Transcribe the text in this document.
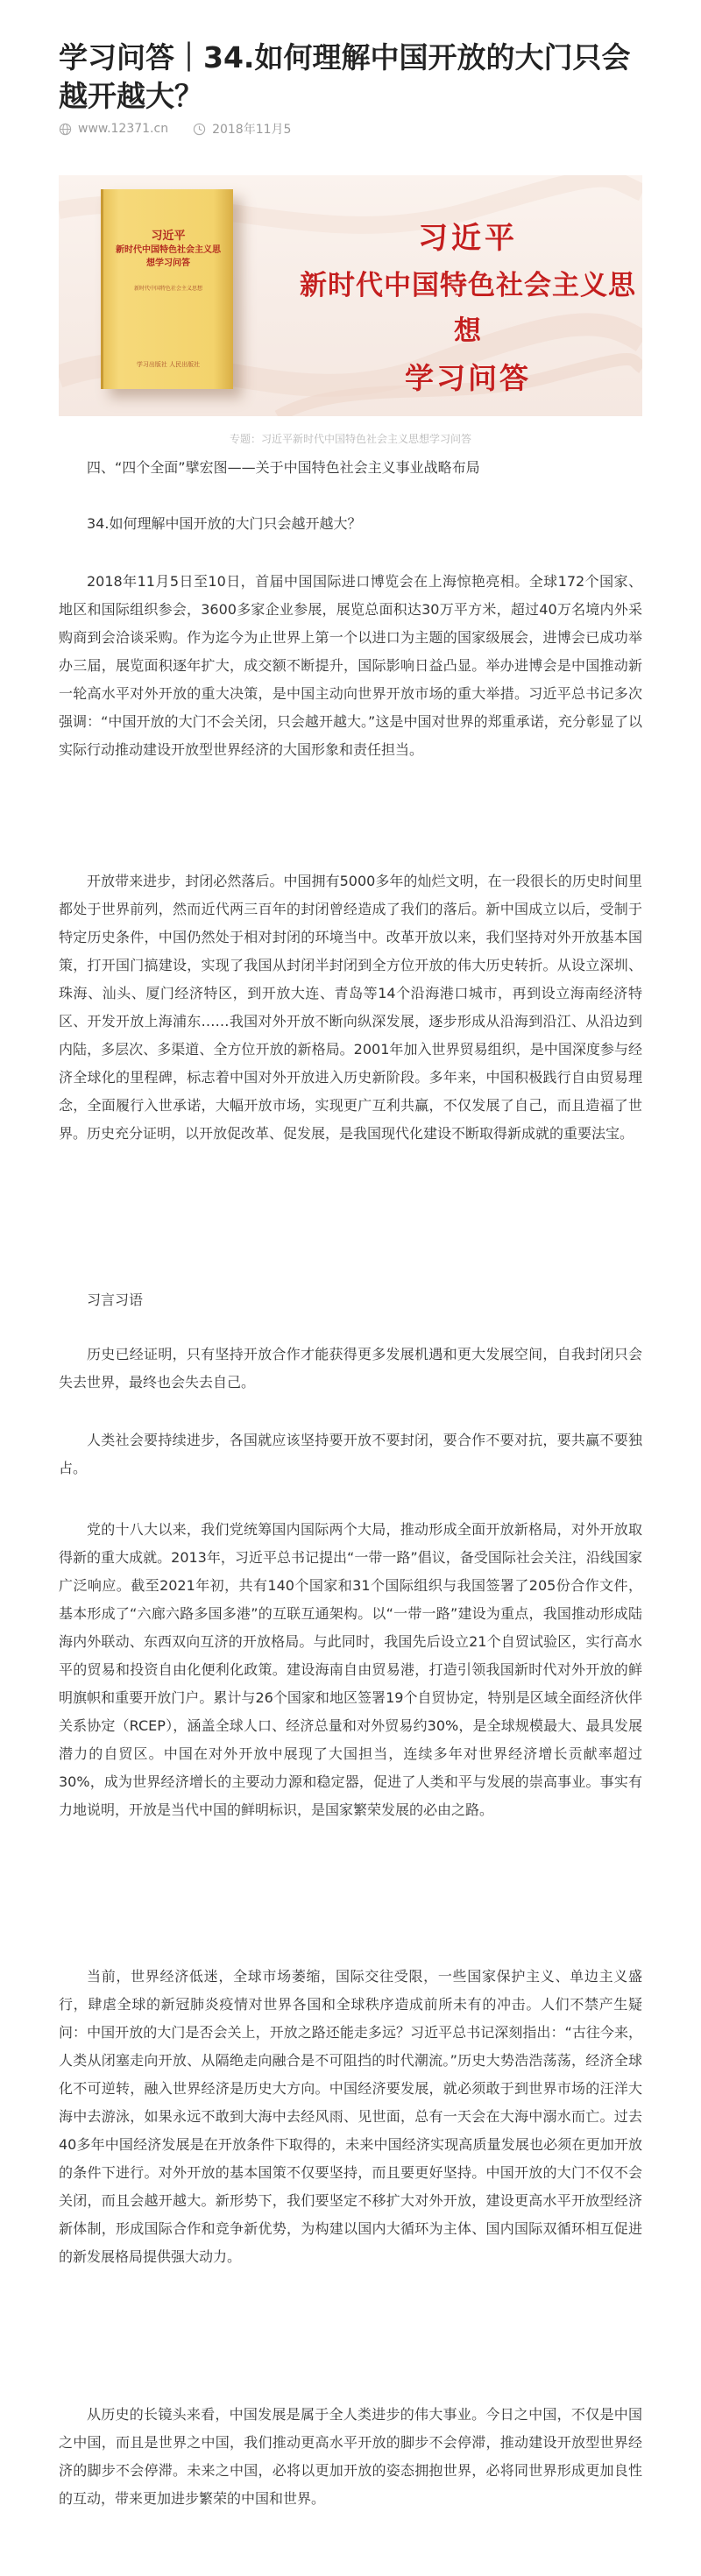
学习问答｜34.如何理解中国开放的大门只会越开越大？
www.12371.cn	2018年11月5
习近平
新时代中国特色社会主义思想学习问答
新时代中国特色社会主义思想
学习出版社 人民出版社
习近平
新时代中国特色社会主义思想
学习问答
专题：习近平新时代中国特色社会主义思想学习问答

四、“四个全面”擘宏图——关于中国特色社会主义事业战略布局

34.如何理解中国开放的大门只会越开越大？

2018年11月5日至10日，首届中国国际进口博览会在上海惊艳亮相。全球172个国家、地区和国际组织参会，3600多家企业参展，展览总面积达30万平方米，超过40万名境内外采购商到会洽谈采购。作为迄今为止世界上第一个以进口为主题的国家级展会，进博会已成功举办三届，展览面积逐年扩大，成交额不断提升，国际影响日益凸显。举办进博会是中国推动新一轮高水平对外开放的重大决策，是中国主动向世界开放市场的重大举措。习近平总书记多次强调：“中国开放的大门不会关闭，只会越开越大。”这是中国对世界的郑重承诺，充分彰显了以实际行动推动建设开放型世界经济的大国形象和责任担当。

开放带来进步，封闭必然落后。中国拥有5000多年的灿烂文明，在一段很长的历史时间里都处于世界前列，然而近代两三百年的封闭曾经造成了我们的落后。新中国成立以后，受制于特定历史条件，中国仍然处于相对封闭的环境当中。改革开放以来，我们坚持对外开放基本国策，打开国门搞建设，实现了我国从封闭半封闭到全方位开放的伟大历史转折。从设立深圳、珠海、汕头、厦门经济特区，到开放大连、青岛等14个沿海港口城市，再到设立海南经济特区、开发开放上海浦东……我国对外开放不断向纵深发展，逐步形成从沿海到沿江、从沿边到内陆，多层次、多渠道、全方位开放的新格局。2001年加入世界贸易组织，是中国深度参与经济全球化的里程碑，标志着中国对外开放进入历史新阶段。多年来，中国积极践行自由贸易理念，全面履行入世承诺，大幅开放市场，实现更广互利共赢，不仅发展了自己，而且造福了世界。历史充分证明，以开放促改革、促发展，是我国现代化建设不断取得新成就的重要法宝。

习言习语

历史已经证明，只有坚持开放合作才能获得更多发展机遇和更大发展空间，自我封闭只会失去世界，最终也会失去自己。

人类社会要持续进步，各国就应该坚持要开放不要封闭，要合作不要对抗，要共赢不要独占。

党的十八大以来，我们党统筹国内国际两个大局，推动形成全面开放新格局，对外开放取得新的重大成就。2013年，习近平总书记提出“一带一路”倡议，备受国际社会关注，沿线国家广泛响应。截至2021年初，共有140个国家和31个国际组织与我国签署了205份合作文件，基本形成了“六廊六路多国多港”的互联互通架构。以“一带一路”建设为重点，我国推动形成陆海内外联动、东西双向互济的开放格局。与此同时，我国先后设立21个自贸试验区，实行高水平的贸易和投资自由化便利化政策。建设海南自由贸易港，打造引领我国新时代对外开放的鲜明旗帜和重要开放门户。累计与26个国家和地区签署19个自贸协定，特别是区域全面经济伙伴关系协定（RCEP），涵盖全球人口、经济总量和对外贸易约30%，是全球规模最大、最具发展潜力的自贸区。中国在对外开放中展现了大国担当，连续多年对世界经济增长贡献率超过30%，成为世界经济增长的主要动力源和稳定器，促进了人类和平与发展的崇高事业。事实有力地说明，开放是当代中国的鲜明标识，是国家繁荣发展的必由之路。

当前，世界经济低迷，全球市场萎缩，国际交往受限，一些国家保护主义、单边主义盛行，肆虐全球的新冠肺炎疫情对世界各国和全球秩序造成前所未有的冲击。人们不禁产生疑问：中国开放的大门是否会关上，开放之路还能走多远？习近平总书记深刻指出：“古往今来，人类从闭塞走向开放、从隔绝走向融合是不可阻挡的时代潮流。”历史大势浩浩荡荡，经济全球化不可逆转，融入世界经济是历史大方向。中国经济要发展，就必须敢于到世界市场的汪洋大海中去游泳，如果永远不敢到大海中去经风雨、见世面，总有一天会在大海中溺水而亡。过去40多年中国经济发展是在开放条件下取得的，未来中国经济实现高质量发展也必须在更加开放的条件下进行。对外开放的基本国策不仅要坚持，而且要更好坚持。中国开放的大门不仅不会关闭，而且会越开越大。新形势下，我们要坚定不移扩大对外开放，建设更高水平开放型经济新体制，形成国际合作和竞争新优势，为构建以国内大循环为主体、国内国际双循环相互促进的新发展格局提供强大动力。

从历史的长镜头来看，中国发展是属于全人类进步的伟大事业。今日之中国，不仅是中国之中国，而且是世界之中国，我们推动更高水平开放的脚步不会停滞，推动建设开放型世界经济的脚步不会停滞。未来之中国，必将以更加开放的姿态拥抱世界，必将同世界形成更加良性的互动，带来更加进步繁荣的中国和世界。
